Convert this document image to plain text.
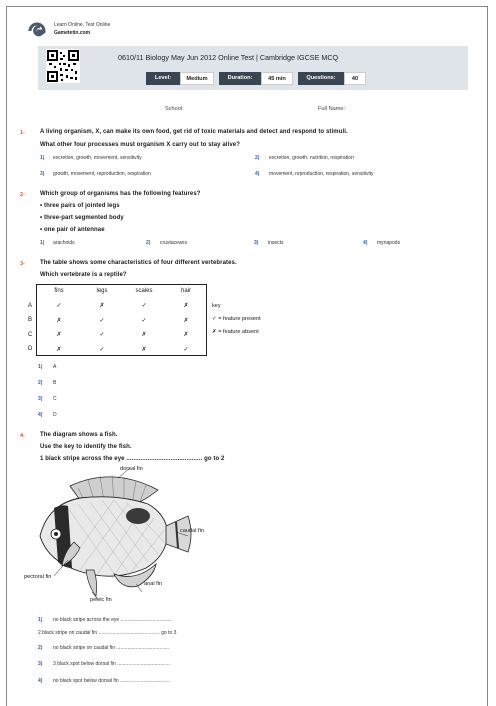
Learn Online, Test Online
Gametetin.com
0610/11 Biology May Jun 2012 Online Test | Cambridge IGCSE MCQ
Level:	Medium	Duration:	45 min	Questions:	40
School:	Full Name:
1-	A living organism, X, can make its own food, get rid of toxic materials and detect and respond to stimuli.
What other four processes must organism X carry out to stay alive?
1) excretion, growth, movement, sensitivity	2) excretion, growth, nutrition, respiration
3) growth, movement, reproduction, respiration	4) movement, reproduction, respiration, sensitivity
2-	Which group of organisms has the following features?
• three pairs of jointed legs
• three-part segmented body
• one pair of antennae
1) arachnids	2) crustaceans	3) insects	4) myriapods
3-	The table shows some characteristics of four different vertebrates.
Which vertebrate is a reptile?
	fins	legs	scales	hair
A	✓	✗	✓	✗
B	✗	✓	✓	✗
C	✗	✓	✗	✗
D	✗	✓	✗	✓
key
✓ = feature present
✗ = feature absent
1) A
2) B
3) C
4) D
4-	The diagram shows a fish.
Use the key to identify the fish.
1 black stripe across the eye ........................................... go to 2
dorsal fin
caudal fin
pectoral fin
anal fin
pelvic fin
1) no black stripe across the eye .....................................
2 black stripe on caudal fin ............................................ go to 3
2) no black stripe on caudal fin ......................................
3) 3 black spot below dorsal fin ......................................
4) no black spot below dorsal fin ....................................
